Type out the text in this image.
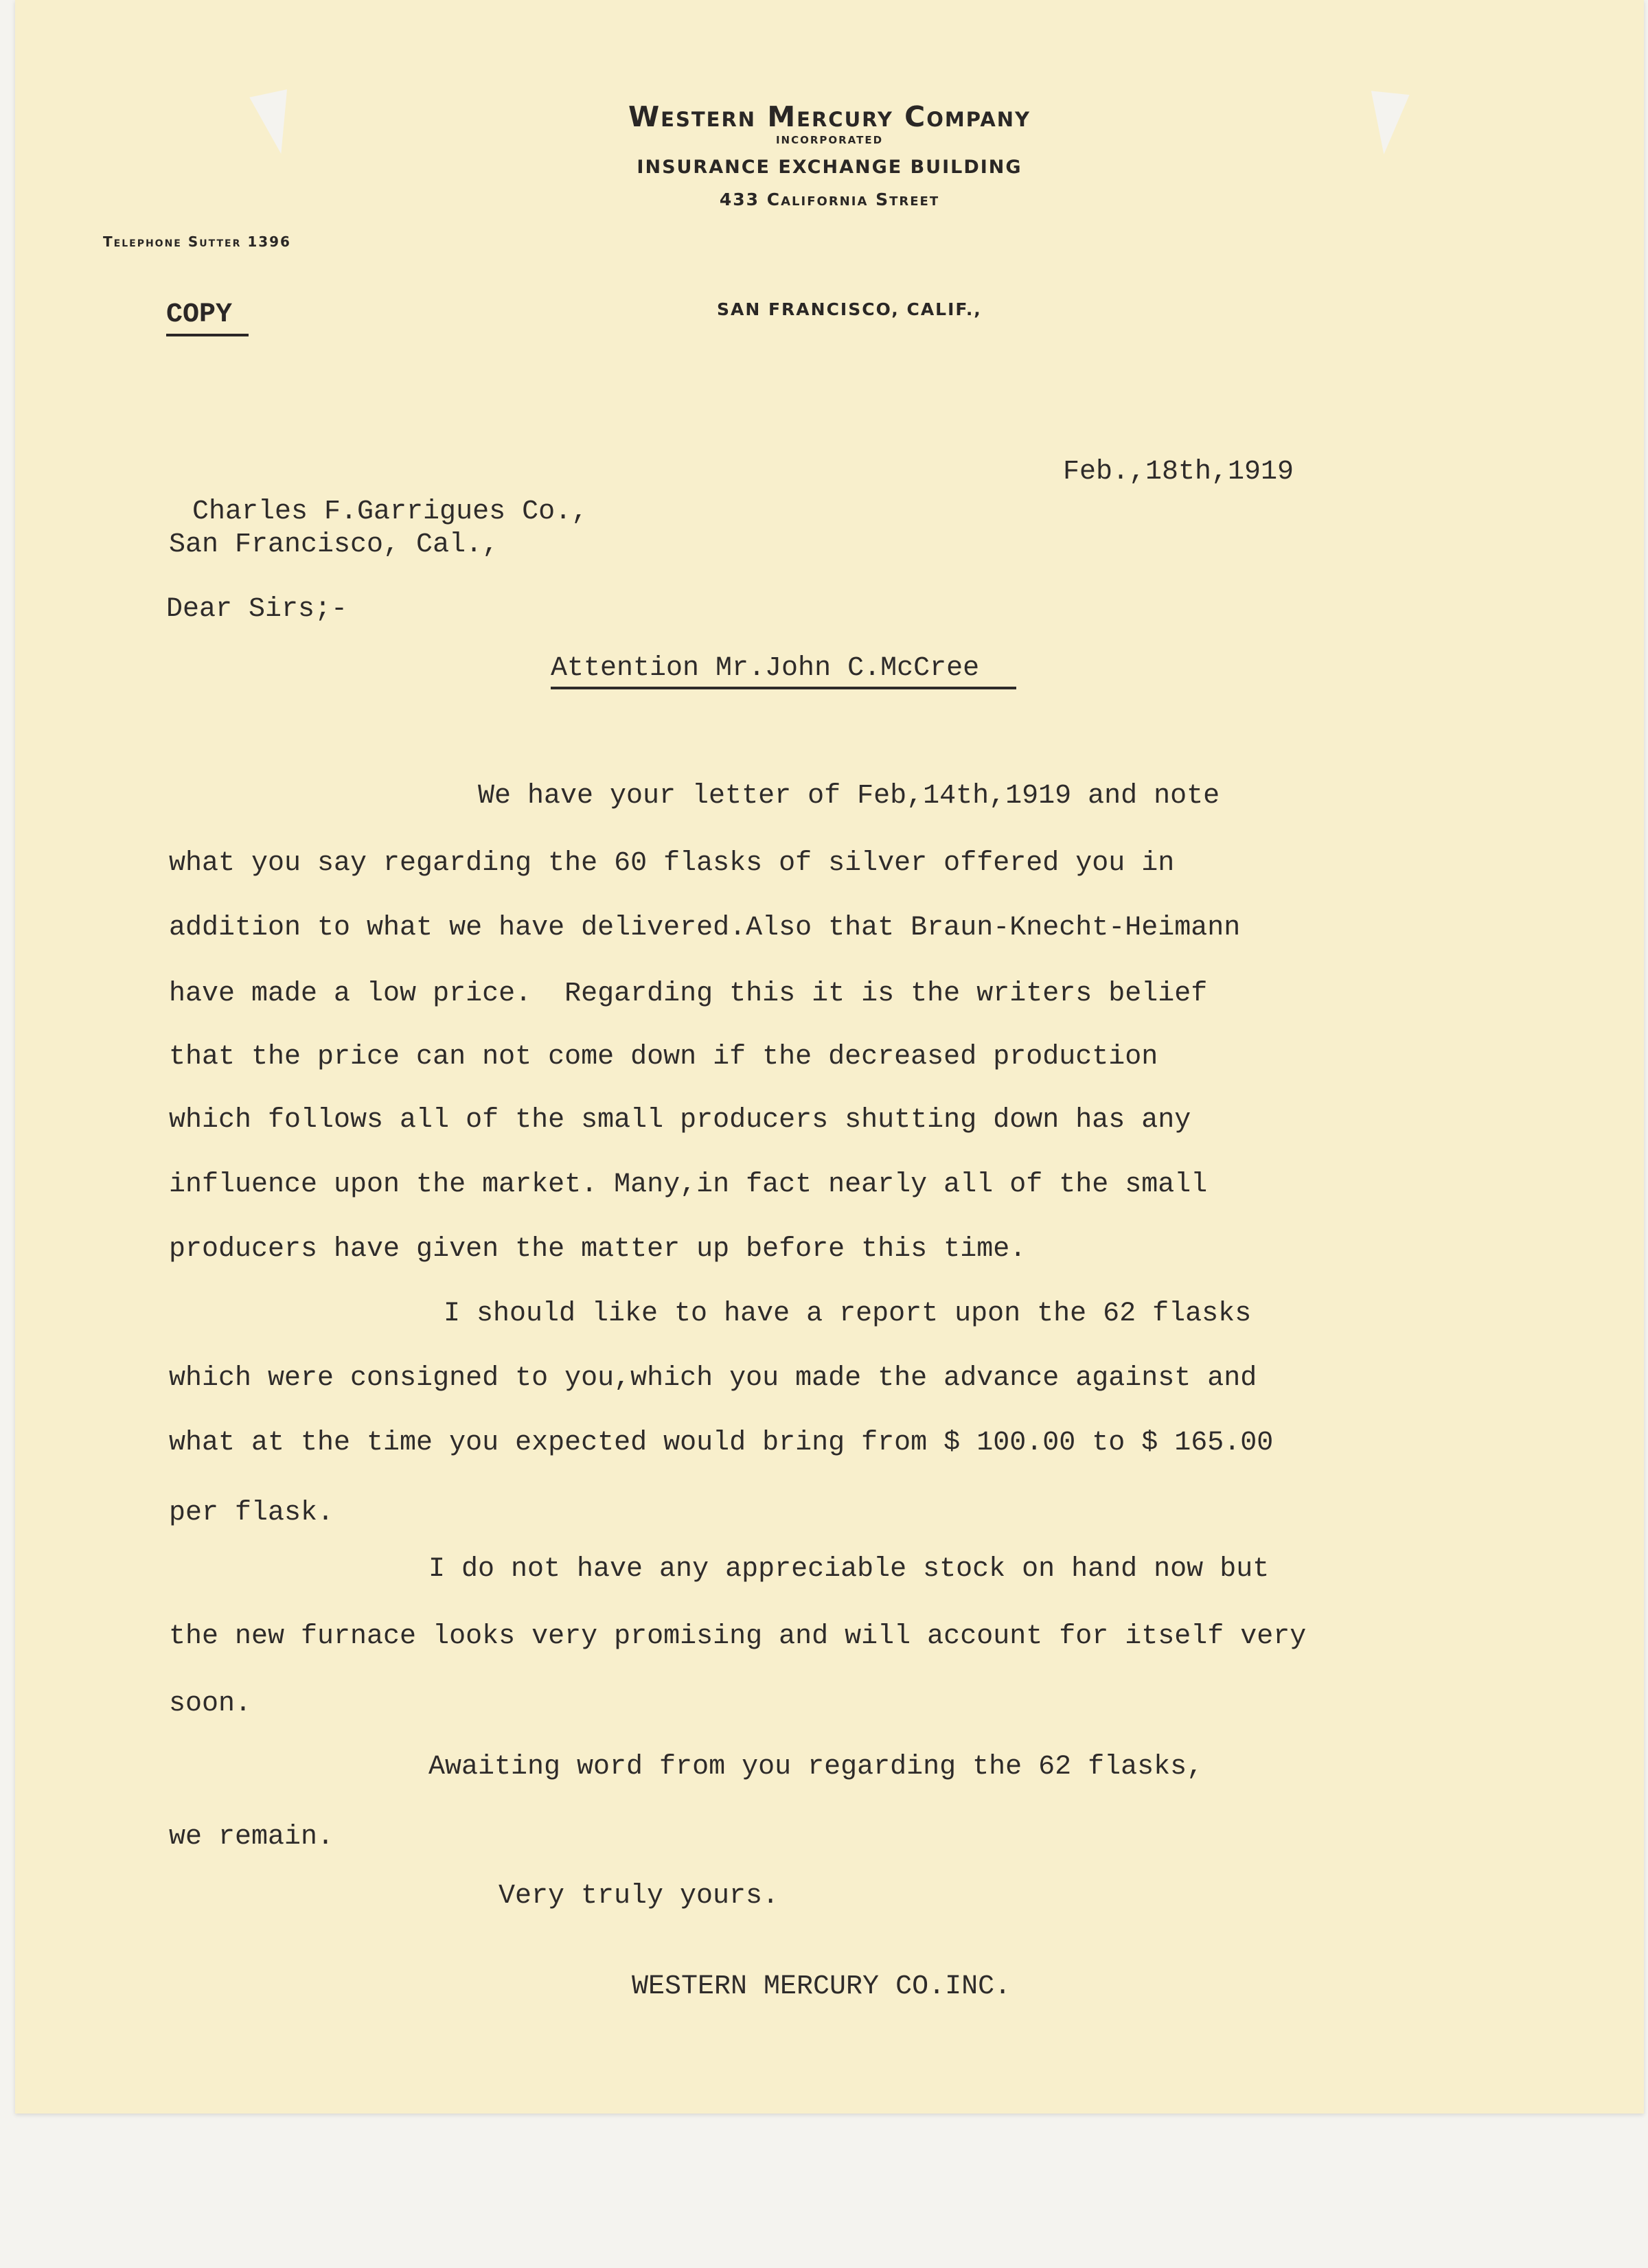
Western Mercury Company
INCORPORATED
INSURANCE EXCHANGE BUILDING
433 California Street
Telephone Sutter 1396
SAN FRANCISCO, CALIF.,
COPY
Feb.,18th,1919
Charles F.Garrigues Co.,
San Francisco, Cal.,
Dear Sirs;-
Attention Mr.John C.McCree
We have your letter of Feb,14th,1919 and note
what you say regarding the 60 flasks of silver offered you in
addition to what we have delivered.Also that Braun-Knecht-Heimann
have made a low price.  Regarding this it is the writers belief
that the price can not come down if the decreased production
which follows all of the small producers shutting down has any
influence upon the market. Many,in fact nearly all of the small
producers have given the matter up before this time.
I should like to have a report upon the 62 flasks
which were consigned to you,which you made the advance against and
what at the time you expected would bring from $ 100.00 to $ 165.00
per flask.
I do not have any appreciable stock on hand now but
the new furnace looks very promising and will account for itself very
soon.
Awaiting word from you regarding the 62 flasks,
we remain.
Very truly yours.
WESTERN MERCURY CO.INC.
